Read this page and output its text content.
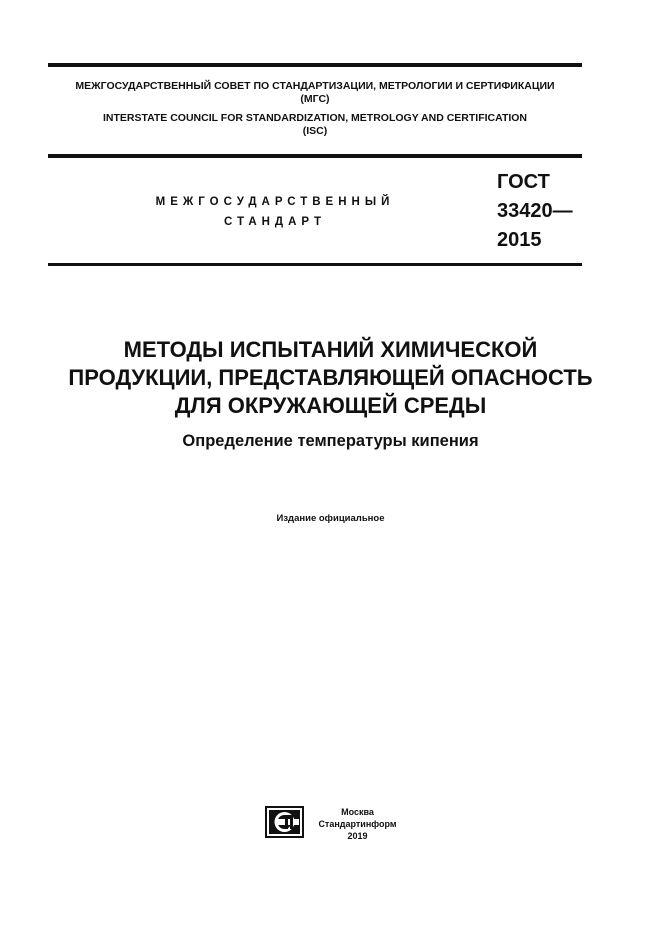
МЕЖГОСУДАРСТВЕННЫЙ СОВЕТ ПО СТАНДАРТИЗАЦИИ, МЕТРОЛОГИИ И СЕРТИФИКАЦИИ
(МГС)
INTERSTATE COUNCIL FOR STANDARDIZATION, METROLOGY AND CERTIFICATION
(ISC)
МЕЖГОСУДАРСТВЕННЫЙ
СТАНДАРТ
ГОСТ
33420—
2015
МЕТОДЫ ИСПЫТАНИЙ ХИМИЧЕСКОЙ
ПРОДУКЦИИ, ПРЕДСТАВЛЯЮЩЕЙ ОПАСНОСТЬ
ДЛЯ ОКРУЖАЮЩЕЙ СРЕДЫ
Определение температуры кипения
Издание официальное
Москва
Стандартинформ
2019
